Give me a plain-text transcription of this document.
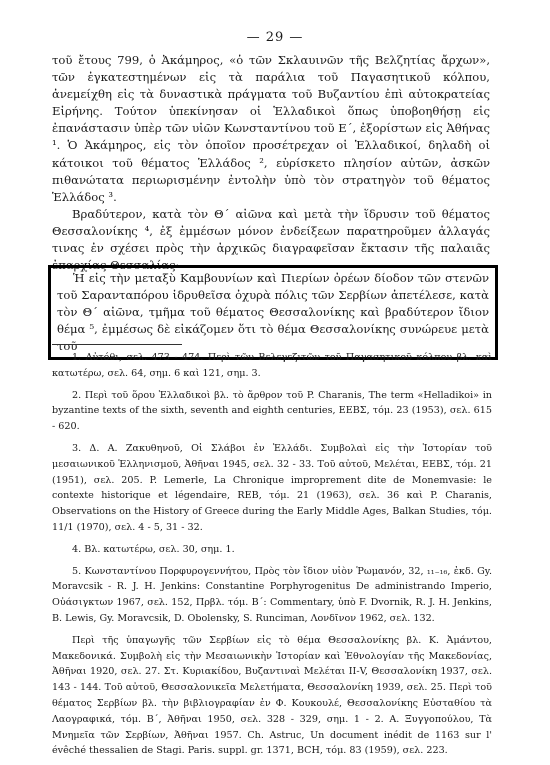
— 29 —

τοῦ ἔτους 799, ὁ Ἀκάμηρος, «ὁ τῶν Σκλαυινῶν τῆς Βελζητίας ἄρχων», τῶν ἐγκατεστημένων εἰς τὰ παράλια τοῦ Παγασητικοῦ κόλπου, ἀνεμείχθη εἰς τὰ δυναστικὰ πράγματα τοῦ Βυζαντίου ἐπὶ αὐτοκρατείας Εἰρήνης. Τούτον ὑπεκίνησαν οἱ Ἑλλαδικοὶ ὅπως ὑποβοηθήσῃ εἰς ἐπανάστασιν ὑπὲρ τῶν υἱῶν Κωνσταντίνου τοῦ Ε΄, ἐξορίστων εἰς Ἀθήνας ¹. Ὁ Ἀκάμηρος, εἰς τὸν ὁποῖον προσέτρεχαν οἱ Ἑλλαδικοί, δηλαδὴ οἱ κάτοικοι τοῦ θέματος Ἑλλάδος ², εὑρίσκετο πλησίον αὐτῶν, ἀσκῶν πιθανώτατα περιωρισμένην ἐντολὴν ὑπὸ τὸν στρατηγὸν τοῦ θέματος Ἑλλάδος ³.

Βραδύτερον, κατὰ τὸν Θ΄ αἰῶνα καὶ μετὰ τὴν ἵδρυσιν τοῦ θέματος Θεσσαλονίκης ⁴, ἐξ ἐμμέσων μόνον ἐνδείξεων παρατηροῦμεν ἀλλαγάς τινας ἐν σχέσει πρὸς τὴν ἀρχικῶς διαγραφεῖσαν ἔκτασιν τῆς παλαιᾶς ἐπαρχίας Θεσσαλίας·

Ἡ εἰς τὴν μεταξὺ Καμβουνίων καὶ Πιερίων ὀρέων δίοδον τῶν στενῶν τοῦ Σαρανταπόρου ἱδρυθεῖσα ὀχυρὰ πόλις τῶν Σερβίων ἀπετέλεσε, κατὰ τὸν Θ΄ αἰῶνα, τμῆμα τοῦ θέματος Θεσσαλονίκης καὶ βραδύτερον ἴδιον θέμα ⁵, ἐμμέσως δὲ εἰκάζομεν ὅτι τὸ θέμα Θεσσαλονίκης συνώρευε μετὰ τοῦ

1. Αὐτόθι, σελ. 473 - 474. Περὶ τῶν Βελεγεζιτῶν τοῦ Παγασητικοῦ κόλπου βλ. καὶ κατωτέρω, σελ. 64, σημ. 6 καὶ 121, σημ. 3.

2. Περὶ τοῦ ὅρου Ἑλλαδικοὶ βλ. τὸ ἄρθρον τοῦ P. Charanis, The term «Helladikoi» in byzantine texts of the sixth, seventh and eighth centuries, ΕΕΒΣ, τόμ. 23 (1953), σελ. 615 - 620.

3. Δ. Α. Ζακυθηνοῦ, Οἱ Σλάβοι ἐν Ἑλλάδι. Συμβολαὶ εἰς τὴν Ἱστορίαν τοῦ μεσαιωνικοῦ Ἑλληνισμοῦ, Ἀθῆναι 1945, σελ. 32 - 33. Τοῦ αὐτοῦ, Μελέται, ΕΕΒΣ, τόμ. 21 (1951), σελ. 205. P. Lemerle, La Chronique improprement dite de Monemvasie: le contexte historique et légendaire, REB, τόμ. 21 (1963), σελ. 36 καὶ P. Charanis, Observations on the History of Greece during the Early Middle Ages, Balkan Studies, τόμ. 11/1 (1970), σελ. 4 - 5, 31 - 32.

4. Βλ. κατωτέρω, σελ. 30, σημ. 1.

5. Κωνσταντίνου Πορφυρογεννήτου, Πρὸς τὸν ἴδιον υἱὸν Ῥωμανόν, 32, ₁₁₋₁₆, ἐκδ. Gy. Moravcsik - R. J. H. Jenkins: Constantine Porphyrogenitus De administrando Imperio, Οὐάσιγκτων 1967, σελ. 152, Πρβλ. τόμ. Β΄: Commentary, ὑπὸ F. Dvornik, R. J. H. Jenkins, B. Lewis, Gy. Moravcsik, D. Obolensky, S. Runciman, Λονδῖνον 1962, σελ. 132.

Περὶ τῆς ὑπαγωγῆς τῶν Σερβίων εἰς τὸ θέμα Θεσσαλονίκης βλ. Κ. Ἀμάντου, Μακεδονικά. Συμβολὴ εἰς τὴν Μεσαιωνικὴν Ἱστορίαν καὶ Ἐθνολογίαν τῆς Μακεδονίας, Ἀθῆναι 1920, σελ. 27. Στ. Κυριακίδου, Βυζαντιναὶ Μελέται ΙΙ-V, Θεσσαλονίκη 1937, σελ. 143 - 144. Τοῦ αὐτοῦ, Θεσσαλονικεῖα Μελετήματα, Θεσσαλονίκη 1939, σελ. 25. Περὶ τοῦ θέματος Σερβίων βλ. τὴν βιβλιογραφίαν ἐν Φ. Κουκουλέ, Θεσσαλονίκης Εὐσταθίου τὰ Λαογραφικά, τόμ. Β΄, Ἀθῆναι 1950, σελ. 328 - 329, σημ. 1 - 2. Α. Ξυγγοπούλου, Τὰ Μνημεῖα τῶν Σερβίων, Ἀθῆναι 1957. Ch. Astruc, Un document inédit de 1163 sur l' évêché thessalien de Stagi. Paris. suppl. gr. 1371, BCH, τόμ. 83 (1959), σελ. 223.
